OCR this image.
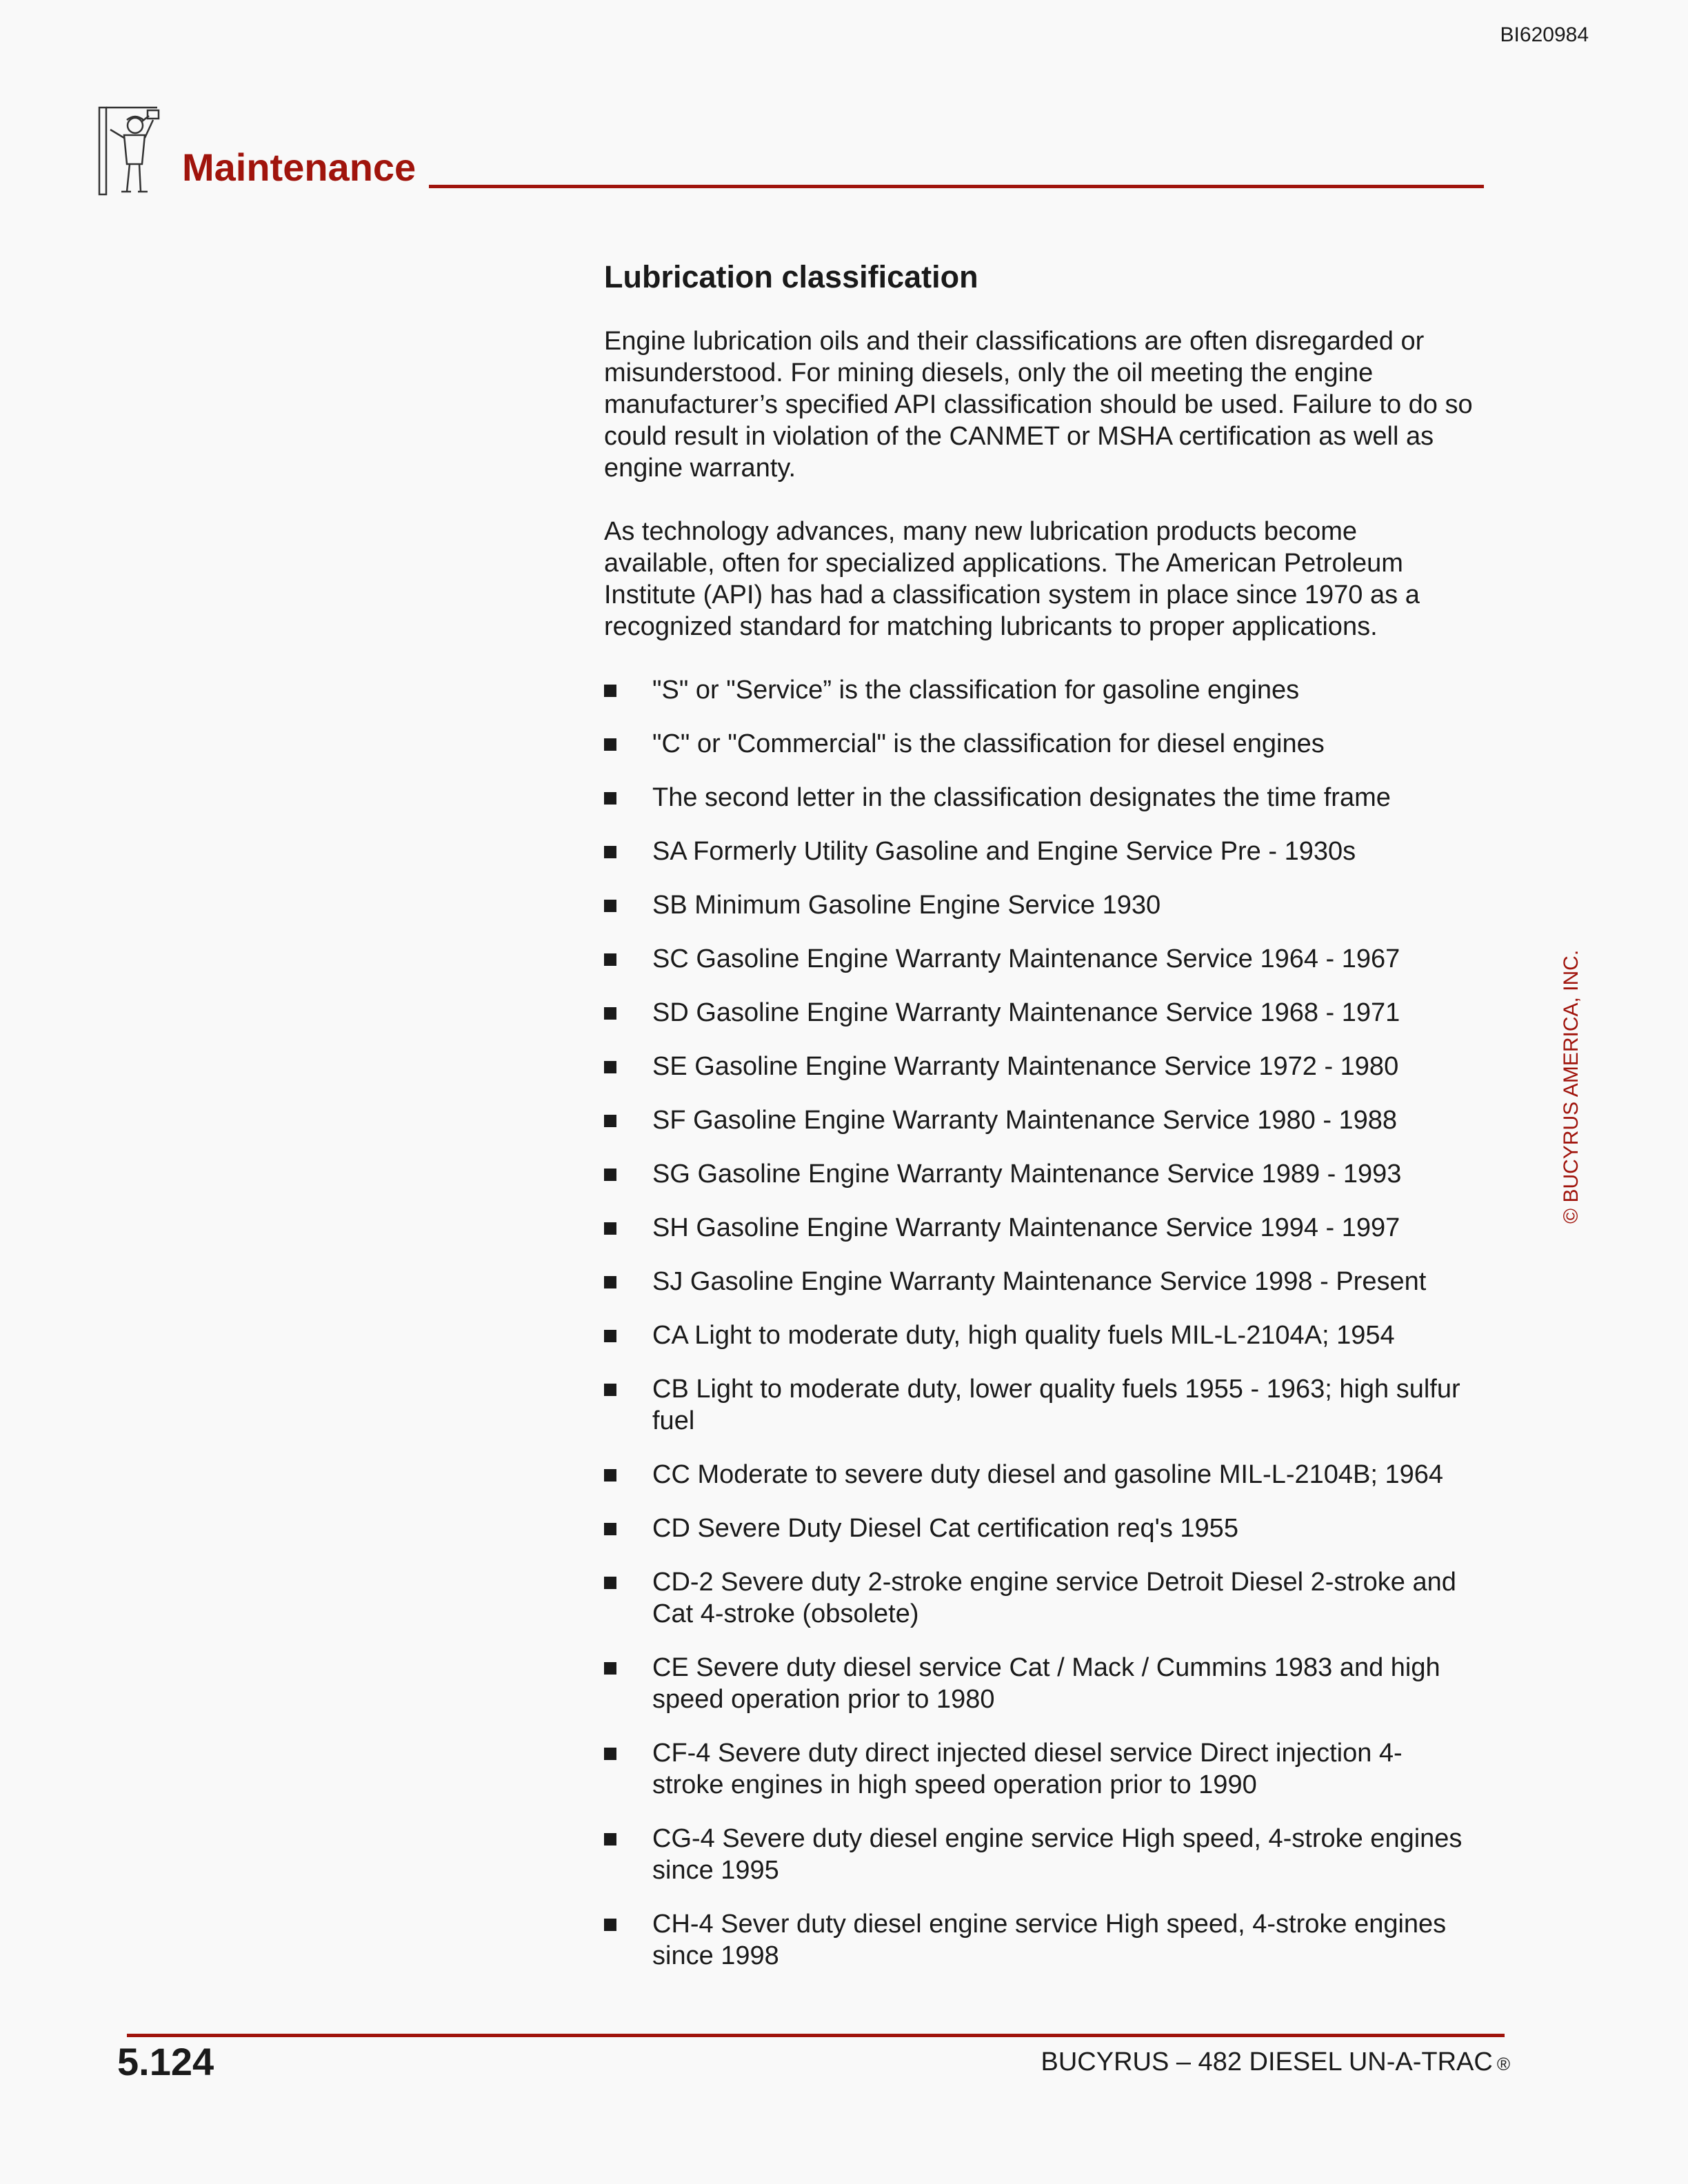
BI620984
Maintenance
Lubrication classification

Engine lubrication oils and their classifications are often disregarded or misunderstood. For mining diesels, only the oil meeting the engine manufacturer’s specified API classification should be used. Failure to do so could result in violation of the CANMET or MSHA certification as well as engine warranty.

As technology advances, many new lubrication products become available, often for specialized applications. The American Petroleum Institute (API) has had a classification system in place since 1970 as a recognized standard for matching lubricants to proper applications.

"S" or "Service” is the classification for gasoline engines
"C" or "Commercial" is the classification for diesel engines
The second letter in the classification designates the time frame
SA Formerly Utility Gasoline and Engine Service Pre - 1930s
SB Minimum Gasoline Engine Service 1930
SC Gasoline Engine Warranty Maintenance Service 1964 - 1967
SD Gasoline Engine Warranty Maintenance Service 1968 - 1971
SE Gasoline Engine Warranty Maintenance Service 1972 - 1980
SF Gasoline Engine Warranty Maintenance Service 1980 - 1988
SG Gasoline Engine Warranty Maintenance Service 1989 - 1993
SH Gasoline Engine Warranty Maintenance Service 1994 - 1997
SJ Gasoline Engine Warranty Maintenance Service 1998 - Present
CA Light to moderate duty, high quality fuels MIL-L-2104A; 1954
CB Light to moderate duty, lower quality fuels 1955 - 1963; high sulfur fuel
CC Moderate to severe duty diesel and gasoline MIL-L-2104B; 1964
CD Severe Duty Diesel Cat certification req's 1955
CD-2 Severe duty 2-stroke engine service Detroit Diesel 2-stroke and Cat 4-stroke (obsolete)
CE Severe duty diesel service Cat / Mack / Cummins 1983 and high speed operation prior to 1980
CF-4 Severe duty direct injected diesel service Direct injection 4-stroke engines in high speed operation prior to 1990
CG-4 Severe duty diesel engine service High speed, 4-stroke engines since 1995
CH-4 Sever duty diesel engine service High speed, 4-stroke engines since 1998
© BUCYRUS AMERICA, INC.
5.124	BUCYRUS – 482 DIESEL UN-A-TRAC ®
